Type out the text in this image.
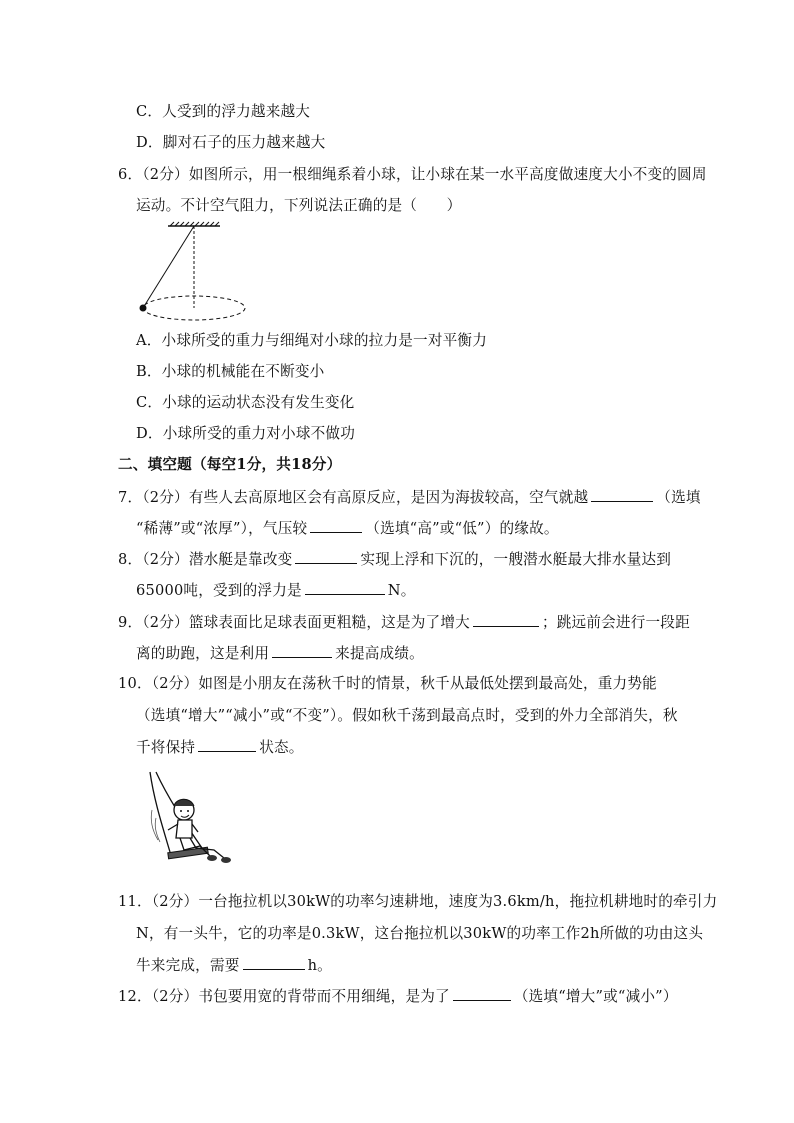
C．人受到的浮力越来越大
D．脚对石子的压力越来越大
6．（2分）如图所示，用一根细绳系着小球，让小球在某一水平高度做速度大小不变的圆周
运动。不计空气阻力，下列说法正确的是（　　）
A．小球所受的重力与细绳对小球的拉力是一对平衡力
B．小球的机械能在不断变小
C．小球的运动状态没有发生变化
D．小球所受的重力对小球不做功
二、填空题（每空1分，共18分）
7．（2分）有些人去高原地区会有高原反应，是因为海拔较高，空气就越	（选填
“稀薄”或“浓厚”），气压较	（选填“高”或“低”）的缘故。
8．（2分）潜水艇是靠改变	实现上浮和下沉的，一艘潜水艇最大排水量达到
65000吨，受到的浮力是	N。
9．（2分）篮球表面比足球表面更粗糙，这是为了增大	；跳远前会进行一段距
离的助跑，这是利用	来提高成绩。
10．（2分）如图是小朋友在荡秋千时的情景，秋千从最低处摆到最高处，重力势能
（选填“增大”“减小”或“不变”）。假如秋千荡到最高点时，受到的外力全部消失，秋
千将保持	状态。
11．（2分）一台拖拉机以30kW的功率匀速耕地，速度为3.6km/h，拖拉机耕地时的牵引力
N，有一头牛，它的功率是0.3kW，这台拖拉机以30kW的功率工作2h所做的功由这头
牛来完成，需要	h。
12．（2分）书包要用宽的背带而不用细绳，是为了	（选填“增大”或“减小”）
